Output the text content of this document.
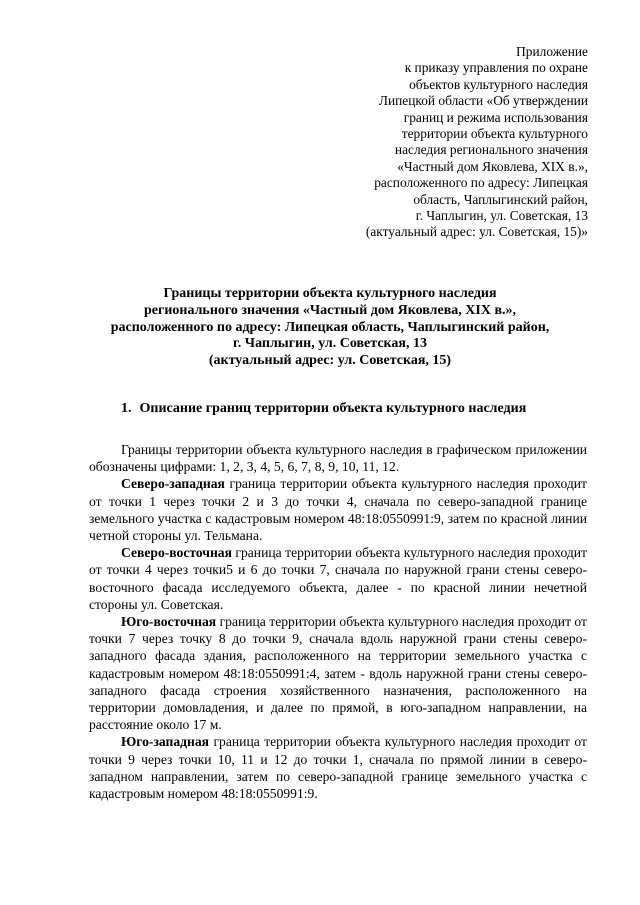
Приложение
к приказу управления по охране
объектов культурного наследия
Липецкой области «Об утверждении
границ и режима использования
территории объекта культурного
наследия регионального значения
«Частный дом Яковлева, XIX в.»,
расположенного по адресу: Липецкая
область, Чаплыгинский район,
г. Чаплыгин, ул. Советская, 13
(актуальный адрес: ул. Советская, 15)»
Границы территории объекта культурного наследия
регионального значения «Частный дом Яковлева, XIX в.»,
расположенного по адресу: Липецкая область, Чаплыгинский район,
г. Чаплыгин, ул. Советская, 13
(актуальный адрес: ул. Советская, 15)
1. Описание границ территории объекта культурного наследия

Границы территории объекта культурного наследия в графическом приложении обозначены цифрами: 1, 2, 3, 4, 5, 6, 7, 8, 9, 10, 11, 12.

Северо-западная граница территории объекта культурного наследия проходит от точки 1 через точки 2 и 3 до точки 4, сначала по северо-западной границе земельного участка с кадастровым номером 48:18:0550991:9, затем по красной линии четной стороны ул. Тельмана.

Северо-восточная граница территории объекта культурного наследия проходит от точки 4 через точки5 и 6 до точки 7, сначала по наружной грани стены северо-восточного фасада исследуемого объекта, далее - по красной линии нечетной стороны ул. Советская.

Юго-восточная граница территории объекта культурного наследия проходит от точки 7 через точку 8 до точки 9, сначала вдоль наружной грани стены северо-западного фасада здания, расположенного на территории земельного участка с кадастровым номером 48:18:0550991:4, затем - вдоль наружной грани стены северо-западного фасада строения хозяйственного назначения, расположенного на территории домовладения, и далее по прямой, в юго-западном направлении, на расстояние около 17 м.

Юго-западная граница территории объекта культурного наследия проходит от точки 9 через точки 10, 11 и 12 до точки 1, сначала по прямой линии в северо-западном направлении, затем по северо-западной границе земельного участка с кадастровым номером 48:18:0550991:9.
